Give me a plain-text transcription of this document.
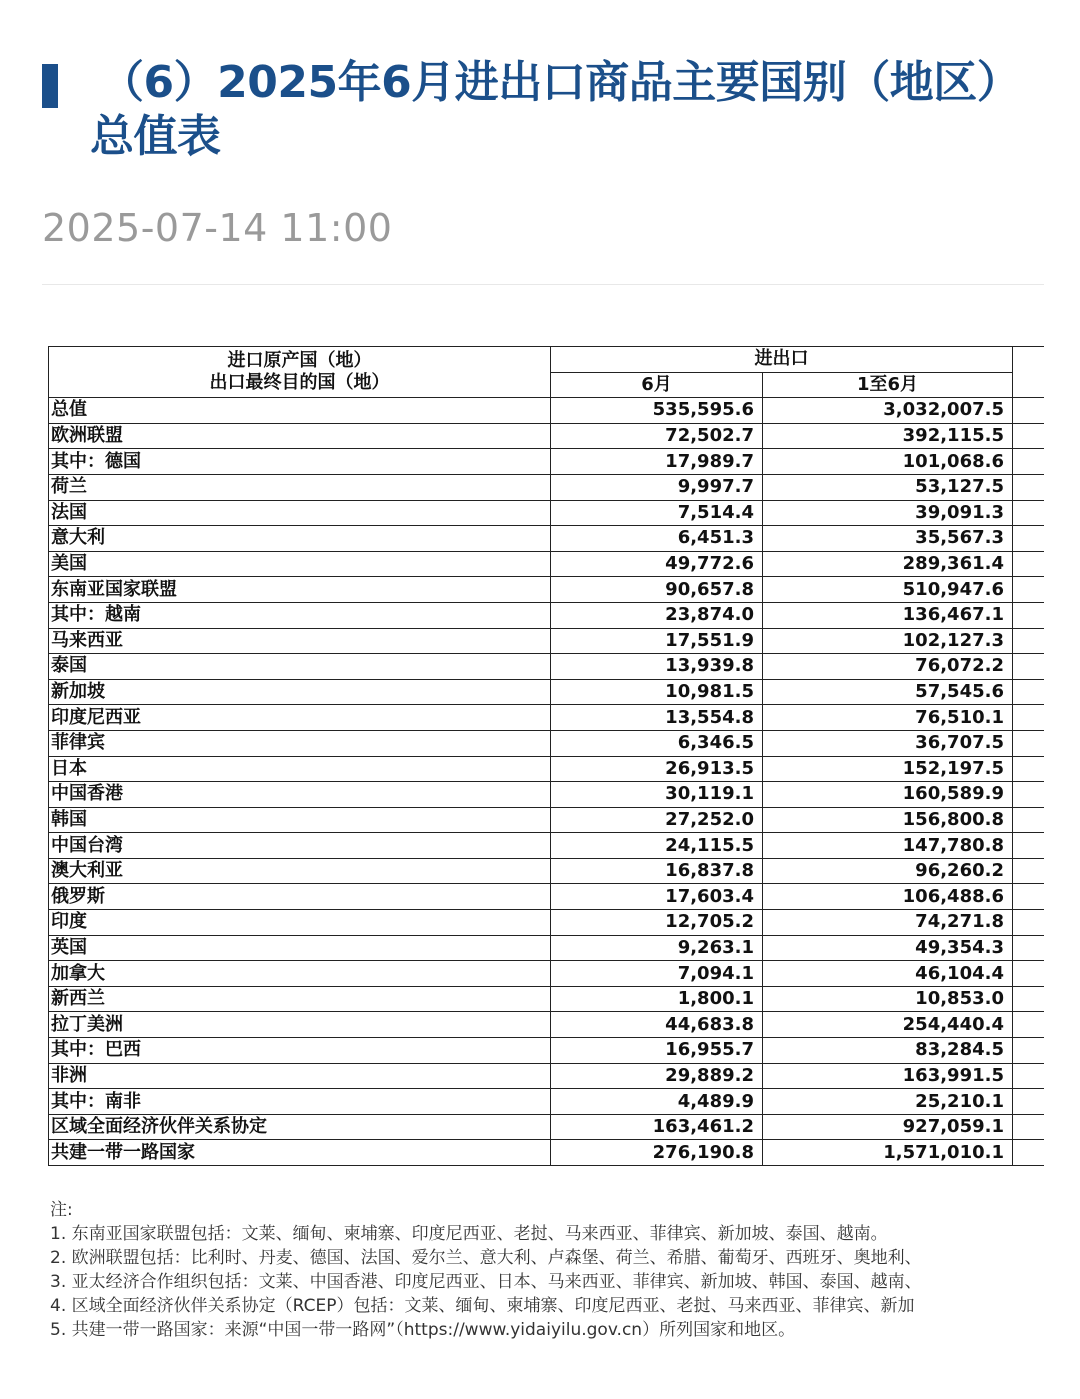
（6）2025年6月进出口商品主要国别（地区）
总值表
2025-07-14 11:00
进口原产国（地）
出口最终目的国（地）	进出口		
	6月	1至6月	
总值	535,595.6	3,032,007.5	
欧洲联盟	72,502.7	392,115.5	
其中：德国	17,989.7	101,068.6	
荷兰	9,997.7	53,127.5	
法国	7,514.4	39,091.3	
意大利	6,451.3	35,567.3	
美国	49,772.6	289,361.4	
东南亚国家联盟	90,657.8	510,947.6	
其中：越南	23,874.0	136,467.1	
马来西亚	17,551.9	102,127.3	
泰国	13,939.8	76,072.2	
新加坡	10,981.5	57,545.6	
印度尼西亚	13,554.8	76,510.1	
菲律宾	6,346.5	36,707.5	
日本	26,913.5	152,197.5	
中国香港	30,119.1	160,589.9	
韩国	27,252.0	156,800.8	
中国台湾	24,115.5	147,780.8	
澳大利亚	16,837.8	96,260.2	
俄罗斯	17,603.4	106,488.6	
印度	12,705.2	74,271.8	
英国	9,263.1	49,354.3	
加拿大	7,094.1	46,104.4	
新西兰	1,800.1	10,853.0	
拉丁美洲	44,683.8	254,440.4	
其中：巴西	16,955.7	83,284.5	
非洲	29,889.2	163,991.5	
其中：南非	4,489.9	25,210.1	
区域全面经济伙伴关系协定	163,461.2	927,059.1	
共建一带一路国家	276,190.8	1,571,010.1	
注:
1. 东南亚国家联盟包括：文莱、缅甸、柬埔寨、印度尼西亚、老挝、马来西亚、菲律宾、新加坡、泰国、越南。
2. 欧洲联盟包括：比利时、丹麦、德国、法国、爱尔兰、意大利、卢森堡、荷兰、希腊、葡萄牙、西班牙、奥地利、
3. 亚太经济合作组织包括：文莱、中国香港、印度尼西亚、日本、马来西亚、菲律宾、新加坡、韩国、泰国、越南、
4. 区域全面经济伙伴关系协定（RCEP）包括：文莱、缅甸、柬埔寨、印度尼西亚、老挝、马来西亚、菲律宾、新加
5. 共建一带一路国家：来源“中国一带一路网”（https://www.yidaiyilu.gov.cn）所列国家和地区。
